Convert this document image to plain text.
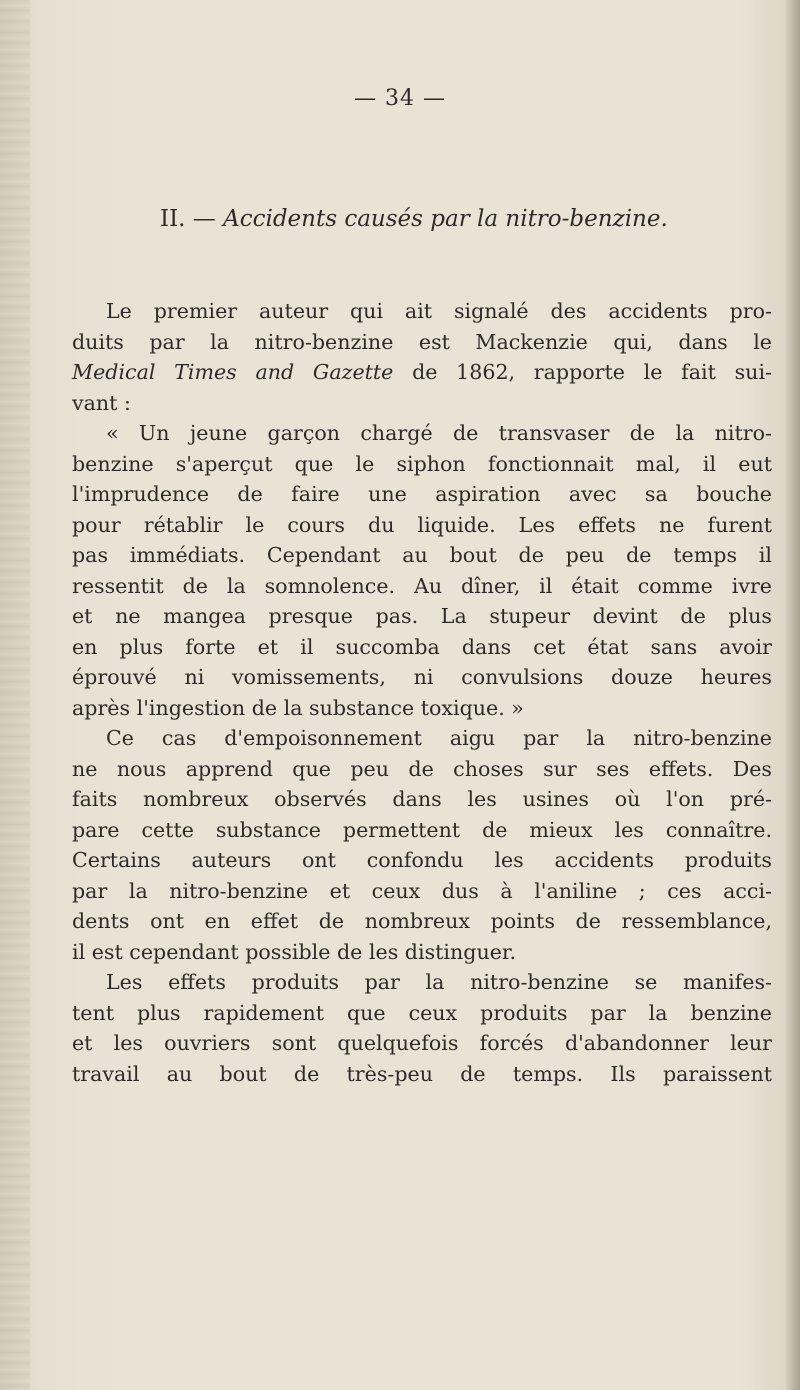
— 34 —
II. — Accidents causés par la nitro-benzine.
Le premier auteur qui ait signalé des accidents pro-
duits par la nitro-benzine est Mackenzie qui, dans le
Medical Times and Gazette de 1862, rapporte le fait sui-
vant :
« Un jeune garçon chargé de transvaser de la nitro-
benzine s'aperçut que le siphon fonctionnait mal, il eut
l'imprudence de faire une aspiration avec sa bouche
pour rétablir le cours du liquide. Les effets ne furent
pas immédiats. Cependant au bout de peu de temps il
ressentit de la somnolence. Au dîner, il était comme ivre
et ne mangea presque pas. La stupeur devint de plus
en plus forte et il succomba dans cet état sans avoir
éprouvé ni vomissements, ni convulsions douze heures
après l'ingestion de la substance toxique. »
Ce cas d'empoisonnement aigu par la nitro-benzine
ne nous apprend que peu de choses sur ses effets. Des
faits nombreux observés dans les usines où l'on pré-
pare cette substance permettent de mieux les connaître.
Certains auteurs ont confondu les accidents produits
par la nitro-benzine et ceux dus à l'aniline ; ces acci-
dents ont en effet de nombreux points de ressemblance,
il est cependant possible de les distinguer.
Les effets produits par la nitro-benzine se manifes-
tent plus rapidement que ceux produits par la benzine
et les ouvriers sont quelquefois forcés d'abandonner leur
travail au bout de très-peu de temps. Ils paraissent
